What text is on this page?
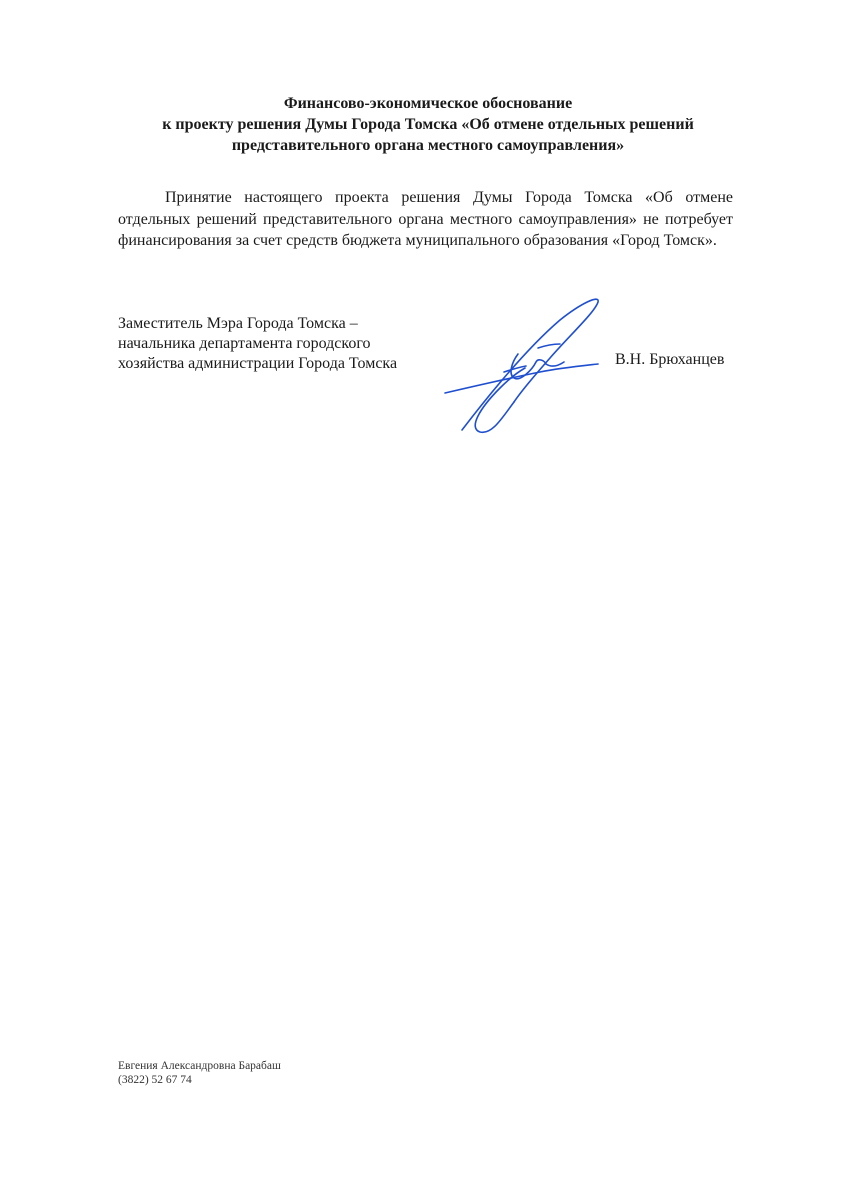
Финансово-экономическое обоснование
к проекту решения Думы Города Томска «Об отмене отдельных решений
представительного органа местного самоуправления»
Принятие настоящего проекта решения Думы Города Томска «Об отмене
отдельных решений представительного органа местного самоуправления» не потребует
финансирования за счет средств бюджета муниципального образования «Город Томск».
Заместитель Мэра Города Томска –
начальника департамента городского
хозяйства администрации Города Томска	В.Н. Брюханцев
Евгения Александровна Барабаш
(3822) 52 67 74
